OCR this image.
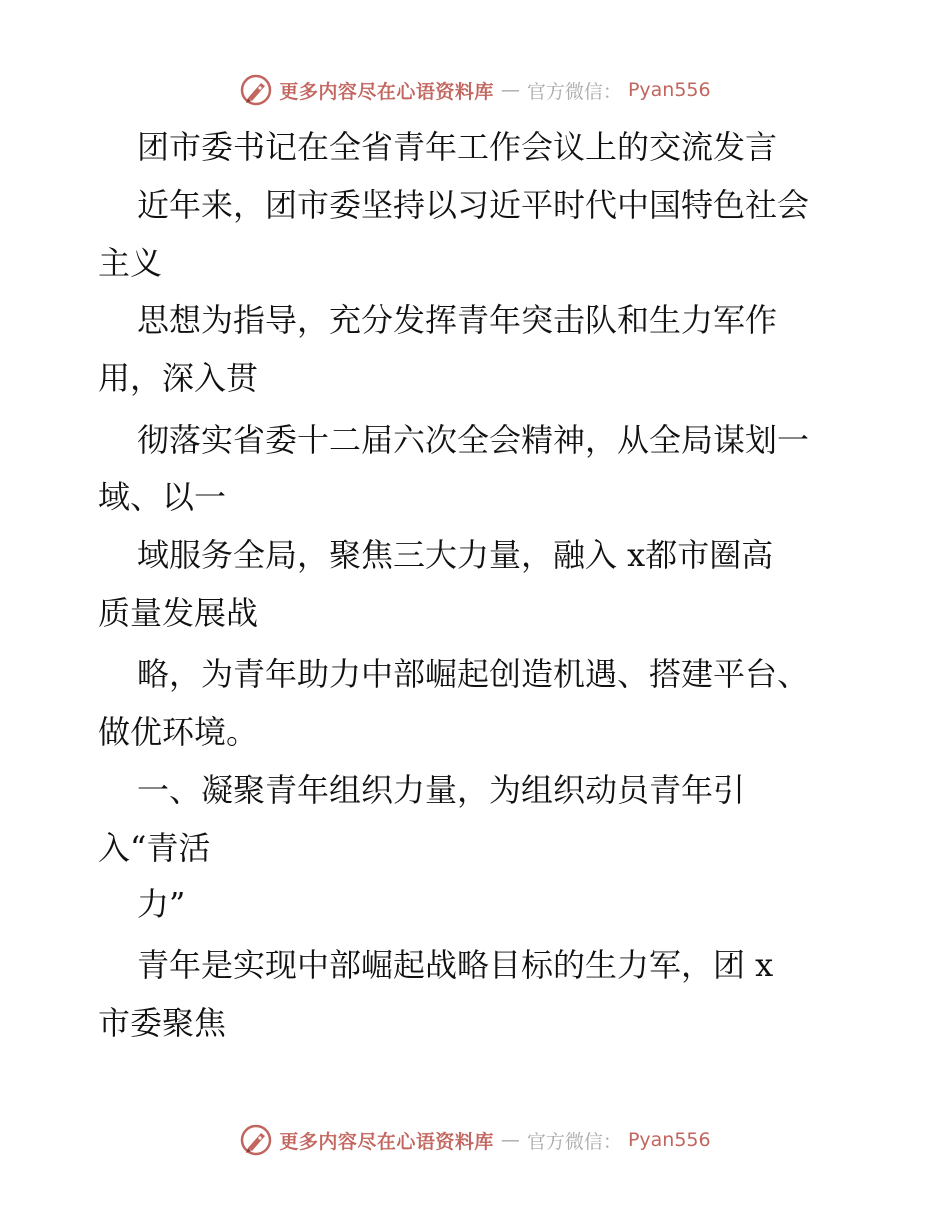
更多内容尽在心语资料库 — 官方微信： Pyan556
团市委书记在全省青年工作会议上的交流发言
近年来，团市委坚持以习近平时代中国特色社会
主义
思想为指导，充分发挥青年突击队和生力军作
用，深入贯
彻落实省委十二届六次全会精神，从全局谋划一
域、以一
域服务全局，聚焦三大力量，融入 x都市圈高
质量发展战
略，为青年助力中部崛起创造机遇、搭建平台、
做优环境。
一、凝聚青年组织力量，为组织动员青年引
入“青活
力”
青年是实现中部崛起战略目标的生力军，团 x
市委聚焦
更多内容尽在心语资料库 — 官方微信： Pyan556
